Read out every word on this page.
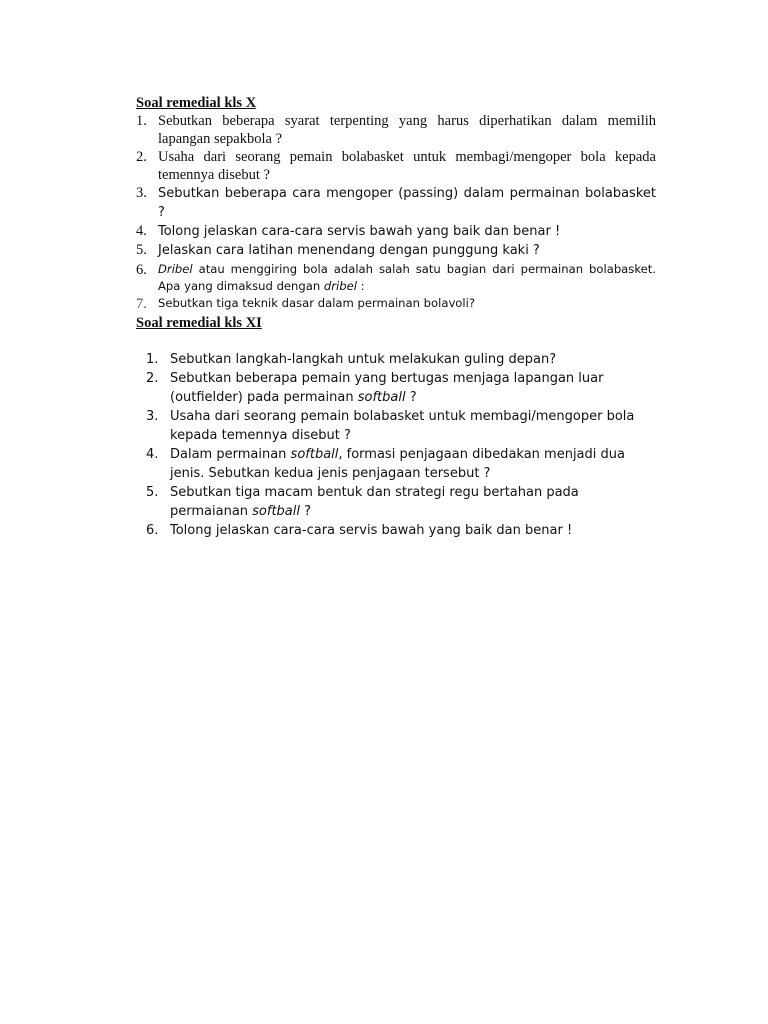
Soal remedial kls X
1. Sebutkan beberapa syarat terpenting yang harus diperhatikan dalam memilih lapangan sepakbola ?
2. Usaha dari seorang pemain bolabasket untuk membagi/mengoper bola kepada temennya disebut ?
3. Sebutkan beberapa cara mengoper (passing) dalam permainan bolabasket ?
4. Tolong jelaskan cara-cara servis bawah yang baik dan benar !
5. Jelaskan cara latihan menendang dengan punggung kaki ?
6. Dribel atau menggiring bola adalah salah satu bagian dari permainan bolabasket. Apa yang dimaksud dengan dribel :
7. Sebutkan tiga teknik dasar dalam permainan bolavoli?
Soal remedial kls XI
1. Sebutkan langkah-langkah untuk melakukan guling depan?
2. Sebutkan beberapa pemain yang bertugas menjaga lapangan luar (outfielder) pada permainan softball ?
3. Usaha dari seorang pemain bolabasket untuk membagi/mengoper bola kepada temennya disebut ?
4. Dalam permainan softball, formasi penjagaan dibedakan menjadi dua jenis. Sebutkan kedua jenis penjagaan tersebut ?
5. Sebutkan tiga macam bentuk dan strategi regu bertahan pada permaianan softball ?
6. Tolong jelaskan cara-cara servis bawah yang baik dan benar !
